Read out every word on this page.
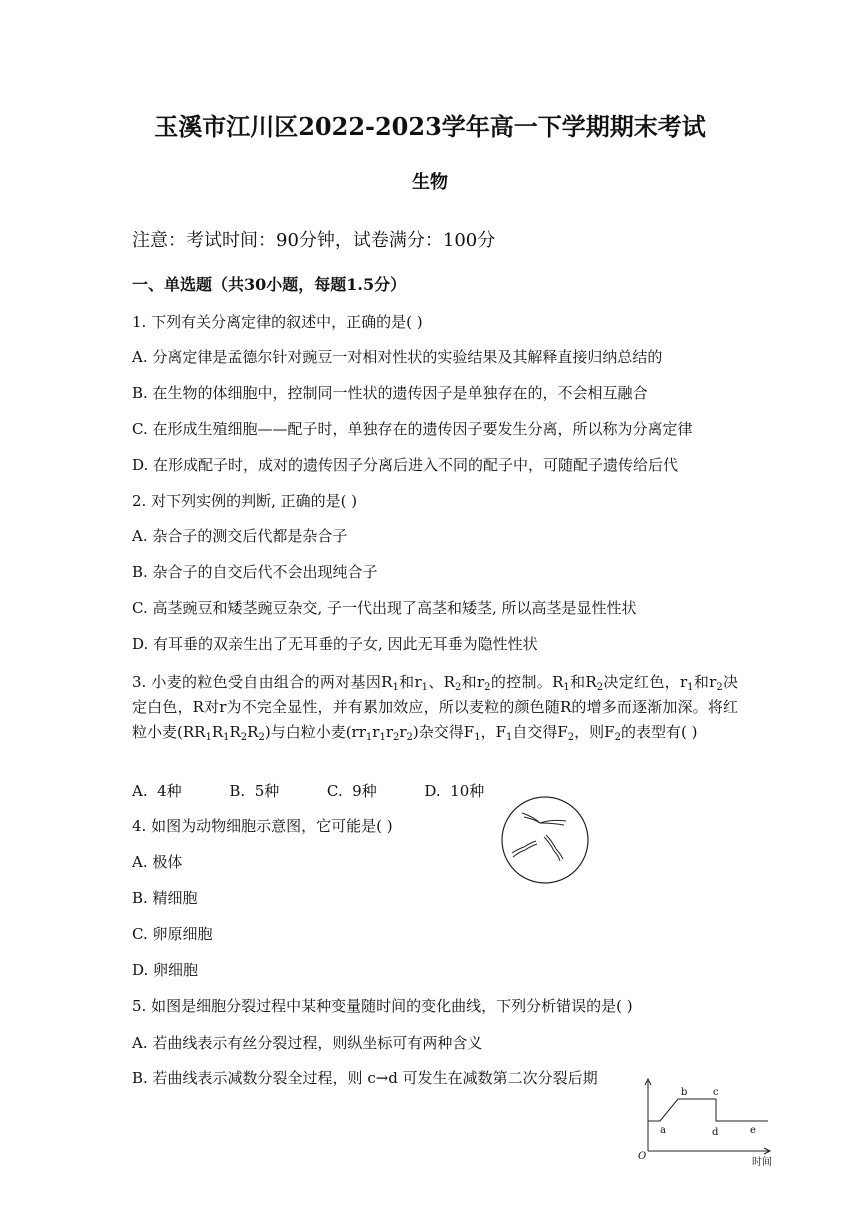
玉溪市江川区2022-2023学年高一下学期期末考试
生物
注意：考试时间：90分钟，试卷满分：100分
一、单选题（共30小题，每题1.5分）
1. 下列有关分离定律的叙述中，正确的是( )
A. 分离定律是孟德尔针对豌豆一对相对性状的实验结果及其解释直接归纳总结的
B. 在生物的体细胞中，控制同一性状的遗传因子是单独存在的，不会相互融合
C. 在形成生殖细胞——配子时，单独存在的遗传因子要发生分离，所以称为分离定律
D. 在形成配子时，成对的遗传因子分离后进入不同的配子中，可随配子遗传给后代
2. 对下列实例的判断, 正确的是( )
A. 杂合子的测交后代都是杂合子
B. 杂合子的自交后代不会出现纯合子
C. 高茎豌豆和矮茎豌豆杂交, 子一代出现了高茎和矮茎, 所以高茎是显性性状
D. 有耳垂的双亲生出了无耳垂的子女, 因此无耳垂为隐性性状
3. 小麦的粒色受自由组合的两对基因$R_1$和$r_1$、$R_2$和$r_2$的控制。$R_1$和$R_2$决定红色，$r_1$和$r_2$决定白色，R对r为不完全显性，并有累加效应，所以麦粒的颜色随R的增多而逐渐加深。将红粒小麦$(RR_1R_1R_2R_2)$与白粒小麦$(rr_1r_1r_2r_2)$杂交得$F_1$，$F_1$自交得$F_2$，则$F_2$的表型有( )
A.  4种          B.  5种          C.  9种          D.  10种
4. 如图为动物细胞示意图，它可能是( )
A. 极体
B. 精细胞
C. 卵原细胞
D. 卵细胞
5. 如图是细胞分裂过程中某种变量随时间的变化曲线，下列分析错误的是( )
A. 若曲线表示有丝分裂过程，则纵坐标可有两种含义
B. 若曲线表示减数分裂全过程，则 c→d 可发生在减数第二次分裂后期
a
b	c
d	e
O
时间
